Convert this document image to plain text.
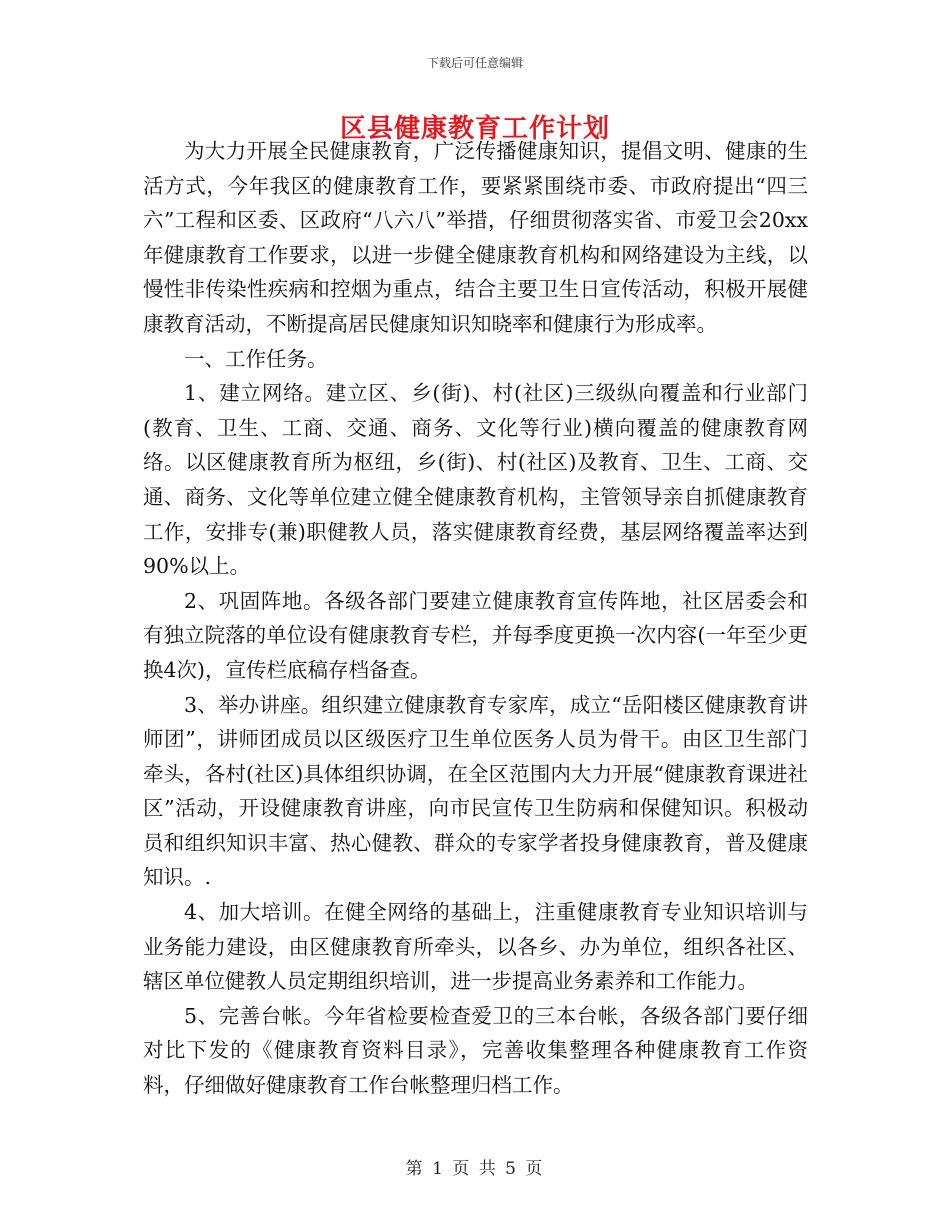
下载后可任意编辑
区县健康教育工作计划

为大力开展全民健康教育，广泛传播健康知识，提倡文明、健康的生活方式，今年我区的健康教育工作，要紧紧围绕市委、市政府提出“四三六”工程和区委、区政府“八六八”举措，仔细贯彻落实省、市爱卫会20xx年健康教育工作要求，以进一步健全健康教育机构和网络建设为主线，以慢性非传染性疾病和控烟为重点，结合主要卫生日宣传活动，积极开展健康教育活动，不断提高居民健康知识知晓率和健康行为形成率。

一、工作任务。

1、建立网络。建立区、乡(街)、村(社区)三级纵向覆盖和行业部门(教育、卫生、工商、交通、商务、文化等行业)横向覆盖的健康教育网络。以区健康教育所为枢纽，乡(街)、村(社区)及教育、卫生、工商、交通、商务、文化等单位建立健全健康教育机构，主管领导亲自抓健康教育工作，安排专(兼)职健教人员，落实健康教育经费，基层网络覆盖率达到90%以上。

2、巩固阵地。各级各部门要建立健康教育宣传阵地，社区居委会和有独立院落的单位设有健康教育专栏，并每季度更换一次内容(一年至少更换4次)，宣传栏底稿存档备查。

3、举办讲座。组织建立健康教育专家库，成立“岳阳楼区健康教育讲师团”，讲师团成员以区级医疗卫生单位医务人员为骨干。由区卫生部门牵头，各村(社区)具体组织协调，在全区范围内大力开展“健康教育课进社区”活动，开设健康教育讲座，向市民宣传卫生防病和保健知识。积极动员和组织知识丰富、热心健教、群众的专家学者投身健康教育，普及健康知识。.

4、加大培训。在健全网络的基础上，注重健康教育专业知识培训与业务能力建设，由区健康教育所牵头，以各乡、办为单位，组织各社区、辖区单位健教人员定期组织培训，进一步提高业务素养和工作能力。

5、完善台帐。今年省检要检查爱卫的三本台帐，各级各部门要仔细对比下发的《健康教育资料目录》，完善收集整理各种健康教育工作资料，仔细做好健康教育工作台帐整理归档工作。

第 1 页 共 5 页
